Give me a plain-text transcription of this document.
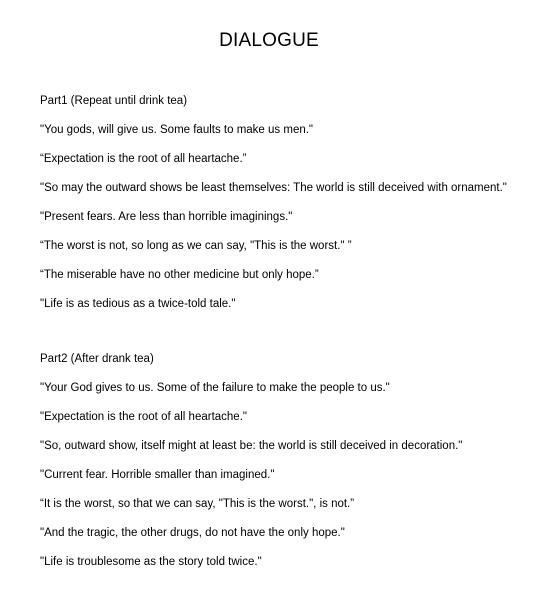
DIALOGUE

Part1 (Repeat until drink tea)

"You gods, will give us. Some faults to make us men."
“Expectation is the root of all heartache.”
"So may the outward shows be least themselves: The world is still deceived with ornament."
"Present fears. Are less than horrible imaginings."
“The worst is not, so long as we can say, "This is the worst." ”
“The miserable have no other medicine but only hope.”
"Life is as tedious as a twice-told tale."

Part2 (After drank tea)

"Your God gives to us. Some of the failure to make the people to us."
"Expectation is the root of all heartache."
"So, outward show, itself might at least be: the world is still deceived in decoration."
"Current fear. Horrible smaller than imagined."
“It is the worst, so that we can say, "This is the worst.", is not.”
"And the tragic, the other drugs, do not have the only hope."
"Life is troublesome as the story told twice."
